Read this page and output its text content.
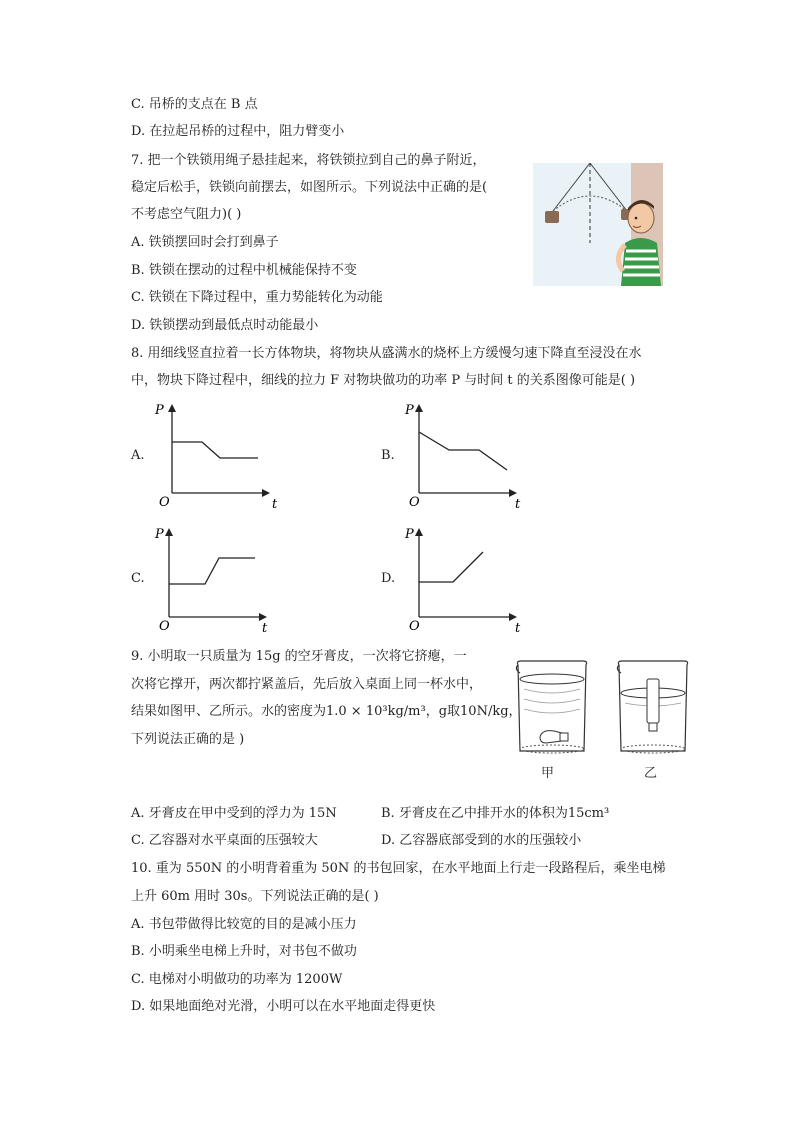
C. 吊桥的支点在 B 点
D. 在拉起吊桥的过程中，阻力臂变小
7. 把一个铁锁用绳子悬挂起来，将铁锁拉到自己的鼻子附近，
稳定后松手，铁锁向前摆去，如图所示。下列说法中正确的是(
不考虑空气阻力)( )
A. 铁锁摆回时会打到鼻子
B. 铁锁在摆动的过程中机械能保持不变
C. 铁锁在下降过程中，重力势能转化为动能
D. 铁锁摆动到最低点时动能最小
8. 用细线竖直拉着一长方体物块，将物块从盛满水的烧杯上方缓慢匀速下降直至浸没在水
中，物块下降过程中，细线的拉力 F 对物块做功的功率 P 与时间 t 的关系图像可能是( )
A.
P
O	t
B.
P
O	t
C.
P
O	t
D.
P
O	t
9. 小明取一只质量为 15g 的空牙膏皮，一次将它挤瘪，一
次将它撑开，两次都拧紧盖后，先后放入桌面上同一杯水中，
结果如图甲、乙所示。水的密度为1.0 × 10³kg/m³，g取10N/kg，
下列说法正确的是 )
甲	乙
A. 牙膏皮在甲中受到的浮力为 15N	B. 牙膏皮在乙中排开水的体积为15cm³
C. 乙容器对水平桌面的压强较大	D. 乙容器底部受到的水的压强较小
10. 重为 550N 的小明背着重为 50N 的书包回家，在水平地面上行走一段路程后，乘坐电梯
上升 60m 用时 30s。下列说法正确的是( )
A. 书包带做得比较宽的目的是减小压力
B. 小明乘坐电梯上升时，对书包不做功
C. 电梯对小明做功的功率为 1200W
D. 如果地面绝对光滑，小明可以在水平地面走得更快
